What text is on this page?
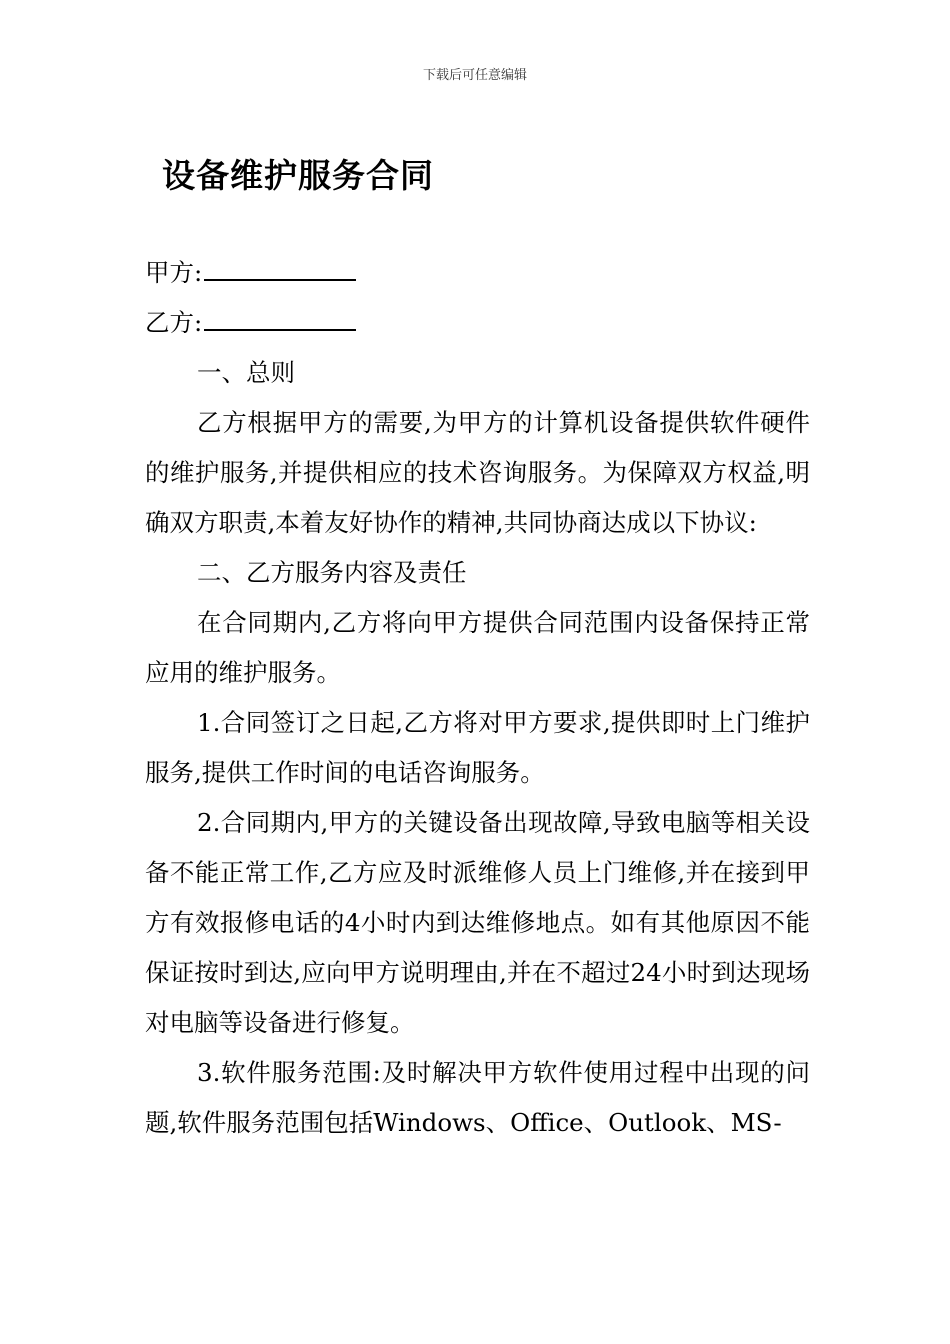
下载后可任意编辑
设备维护服务合同

甲方:

乙方:

一、总则

乙方根据甲方的需要,为甲方的计算机设备提供软件硬件的维护服务,并提供相应的技术咨询服务。为保障双方权益,明确双方职责,本着友好协作的精神,共同协商达成以下协议:

二、乙方服务内容及责任

在合同期内,乙方将向甲方提供合同范围内设备保持正常应用的维护服务。

1.合同签订之日起,乙方将对甲方要求,提供即时上门维护服务,提供工作时间的电话咨询服务。

2.合同期内,甲方的关键设备出现故障,导致电脑等相关设备不能正常工作,乙方应及时派维修人员上门维修,并在接到甲方有效报修电话的4小时内到达维修地点。如有其他原因不能保证按时到达,应向甲方说明理由,并在不超过24小时到达现场对电脑等设备进行修复。

3.软件服务范围:及时解决甲方软件使用过程中出现的问题,软件服务范围包括Windows、Office、Outlook、MS-
